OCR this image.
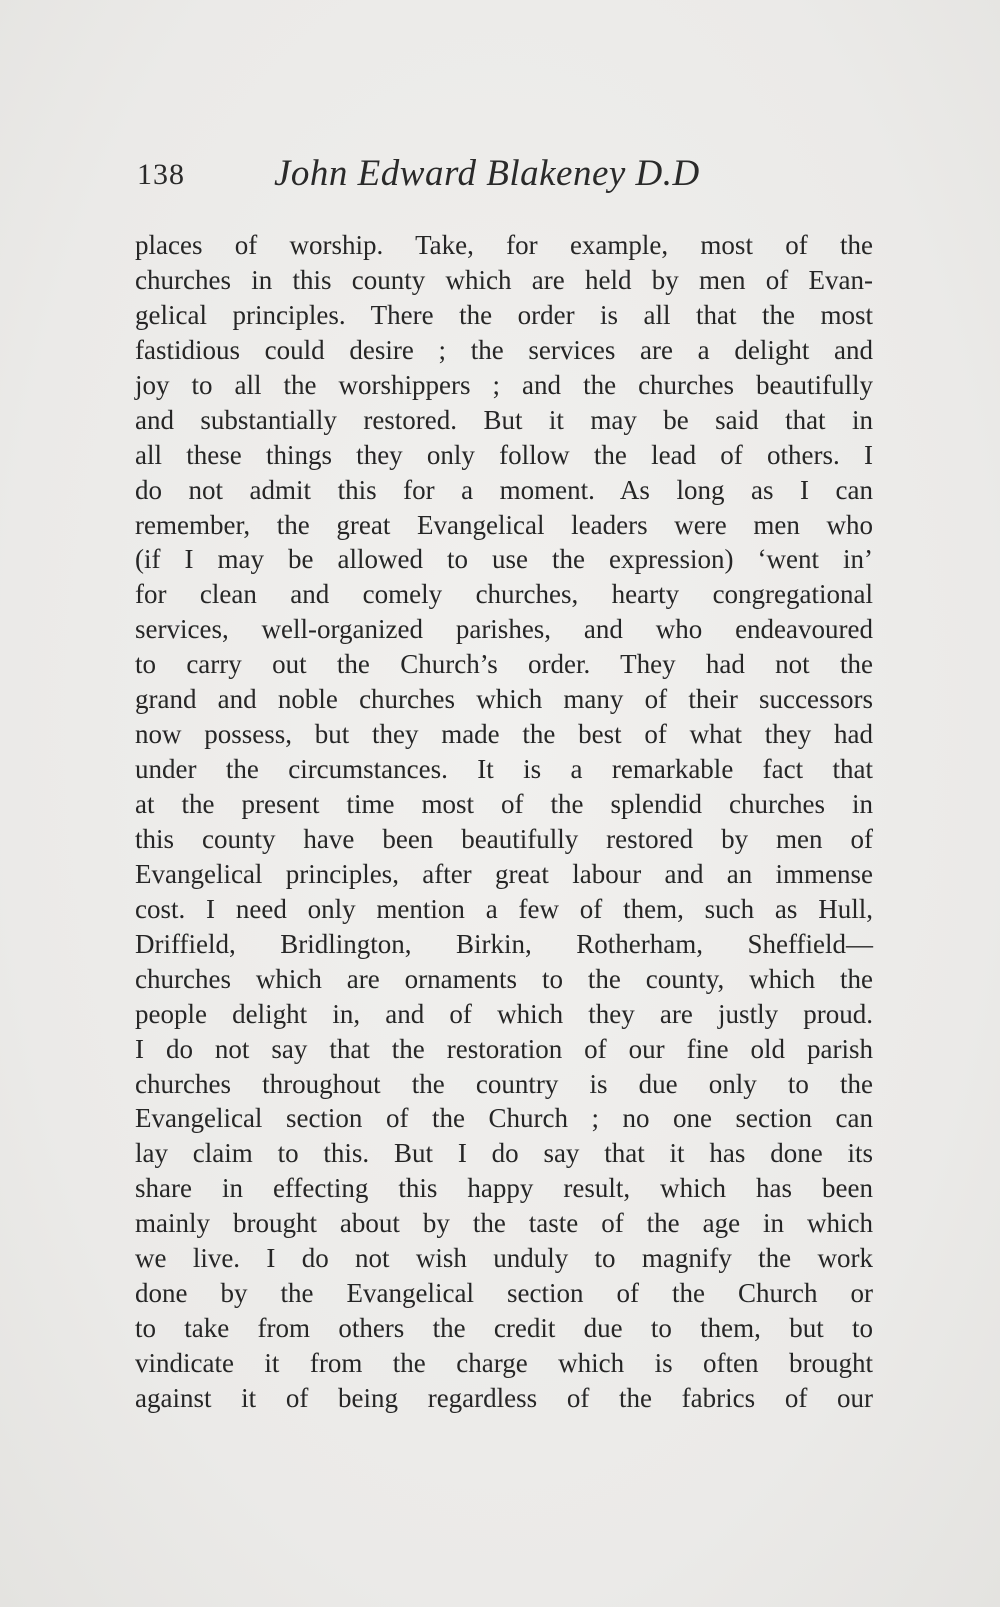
138 John Edward Blakeney D.D
places of worship. Take, for example, most of the
churches in this county which are held by men of Evan-
gelical principles. There the order is all that the most
fastidious could desire ; the services are a delight and
joy to all the worshippers ; and the churches beautifully
and substantially restored. But it may be said that in
all these things they only follow the lead of others. I
do not admit this for a moment. As long as I can
remember, the great Evangelical leaders were men who
(if I may be allowed to use the expression) ‘went in’
for clean and comely churches, hearty congregational
services, well-organized parishes, and who endeavoured
to carry out the Church’s order. They had not the
grand and noble churches which many of their successors
now possess, but they made the best of what they had
under the circumstances. It is a remarkable fact that
at the present time most of the splendid churches in
this county have been beautifully restored by men of
Evangelical principles, after great labour and an immense
cost. I need only mention a few of them, such as Hull,
Driffield, Bridlington, Birkin, Rotherham, Sheffield—
churches which are ornaments to the county, which the
people delight in, and of which they are justly proud.
I do not say that the restoration of our fine old parish
churches throughout the country is due only to the
Evangelical section of the Church ; no one section can
lay claim to this. But I do say that it has done its
share in effecting this happy result, which has been
mainly brought about by the taste of the age in which
we live. I do not wish unduly to magnify the work
done by the Evangelical section of the Church or
to take from others the credit due to them, but to
vindicate it from the charge which is often brought
against it of being regardless of the fabrics of our
